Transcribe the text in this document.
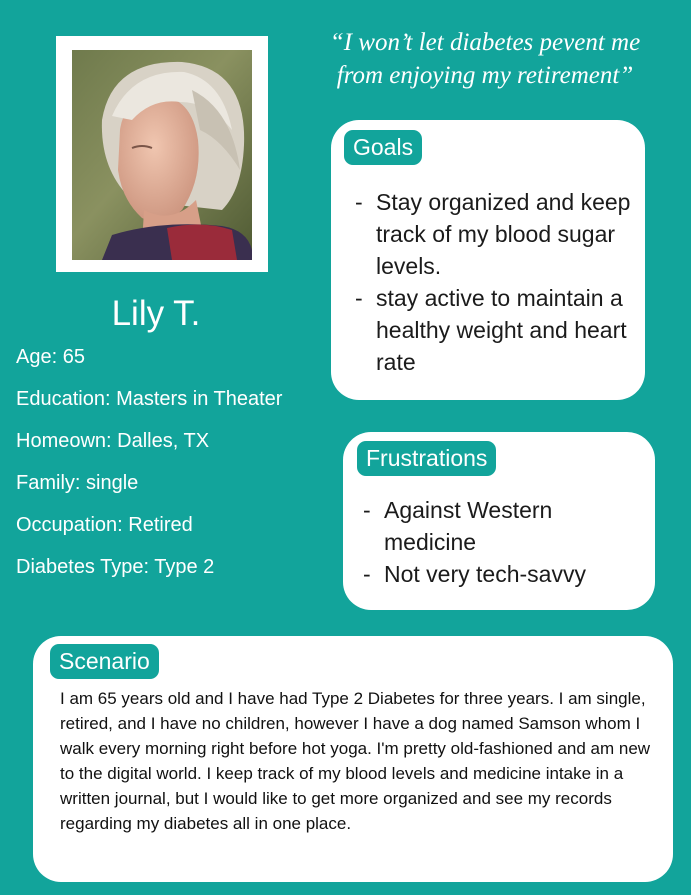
“I won’t let diabetes pevent me
from enjoying my retirement”
Lily T.
Age: 65
Education: Masters in Theater
Homeown: Dalles, TX
Family: single
Occupation: Retired
Diabetes Type: Type 2
Goals
- Stay organized and keep track of my blood sugar levels.
- stay active to maintain a healthy weight and heart rate
Frustrations
- Against Western medicine
- Not very tech-savvy
Scenario

I am 65 years old and I have had Type 2 Diabetes for three years. I am single, retired, and I have no children, however I have a dog named Samson whom I walk every morning right before hot yoga. I'm pretty old-fashioned and am new to the digital world. I keep track of my blood levels and medicine intake in a written journal, but I would like to get more organized and see my records regarding my diabetes all in one place.
